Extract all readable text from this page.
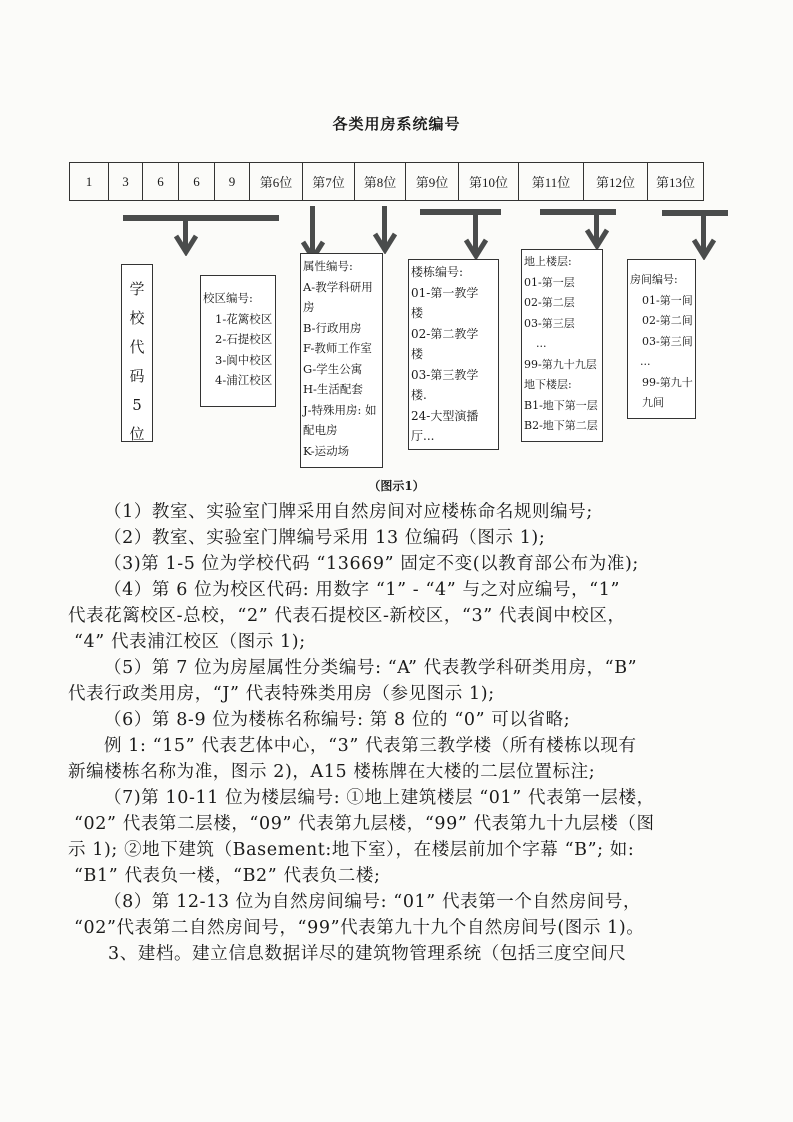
各类用房系统编号
1	3	6	6	9	第6位	第7位	第8位	第9位	第10位	第11位	第12位	第13位
学
校
代
码
5
位
校区编号:
1-花篱校区
2-石提校区
3-阆中校区
4-浦江校区
属性编号:
A-教学科研用
房
B-行政用房
F-教师工作室
G-学生公寓
H-生活配套
J-特殊用房: 如
配电房
K-运动场
楼栋编号:
01-第一教学
楼
02-第二教学
楼
03-第三教学
楼.
24-大型演播
厅...
地上楼层:
01-第一层
02-第二层
03-第三层
...
99-第九十九层
地下楼层:
B1-地下第一层
B2-地下第二层
房间编号:
01-第一间
02-第二间
03-第三间
...
99-第九十
九间
（图示1）
（1）教室、实验室门牌采用自然房间对应楼栋命名规则编号;
（2）教室、实验室门牌编号采用 13 位编码（图示 1);
（3)第 1-5 位为学校代码 “13669” 固定不变(以教育部公布为准);
（4）第 6 位为校区代码: 用数字 “1” - “4” 与之对应编号，“1”
代表花篱校区-总校，“2” 代表石提校区-新校区，“3” 代表阆中校区，
“4” 代表浦江校区（图示 1);
（5）第 7 位为房屋属性分类编号: “A” 代表教学科研类用房，“B”
代表行政类用房，“J” 代表特殊类用房（参见图示 1);
（6）第 8-9 位为楼栋名称编号: 第 8 位的 “0” 可以省略;
例 1: “15” 代表艺体中心，“3” 代表第三教学楼（所有楼栋以现有
新编楼栋名称为准，图示 2)，A15 楼栋牌在大楼的二层位置标注;
（7)第 10-11 位为楼层编号: ①地上建筑楼层 “01” 代表第一层楼，
“02” 代表第二层楼，“09” 代表第九层楼，“99” 代表第九十九层楼（图
示 1); ②地下建筑（Basement:地下室），在楼层前加个字幕 “B”; 如:
“B1” 代表负一楼，“B2” 代表负二楼;
（8）第 12-13 位为自然房间编号: “01” 代表第一个自然房间号，
“02”代表第二自然房间号，“99”代表第九十九个自然房间号(图示 1)。
3、建档。建立信息数据详尽的建筑物管理系统（包括三度空间尺
